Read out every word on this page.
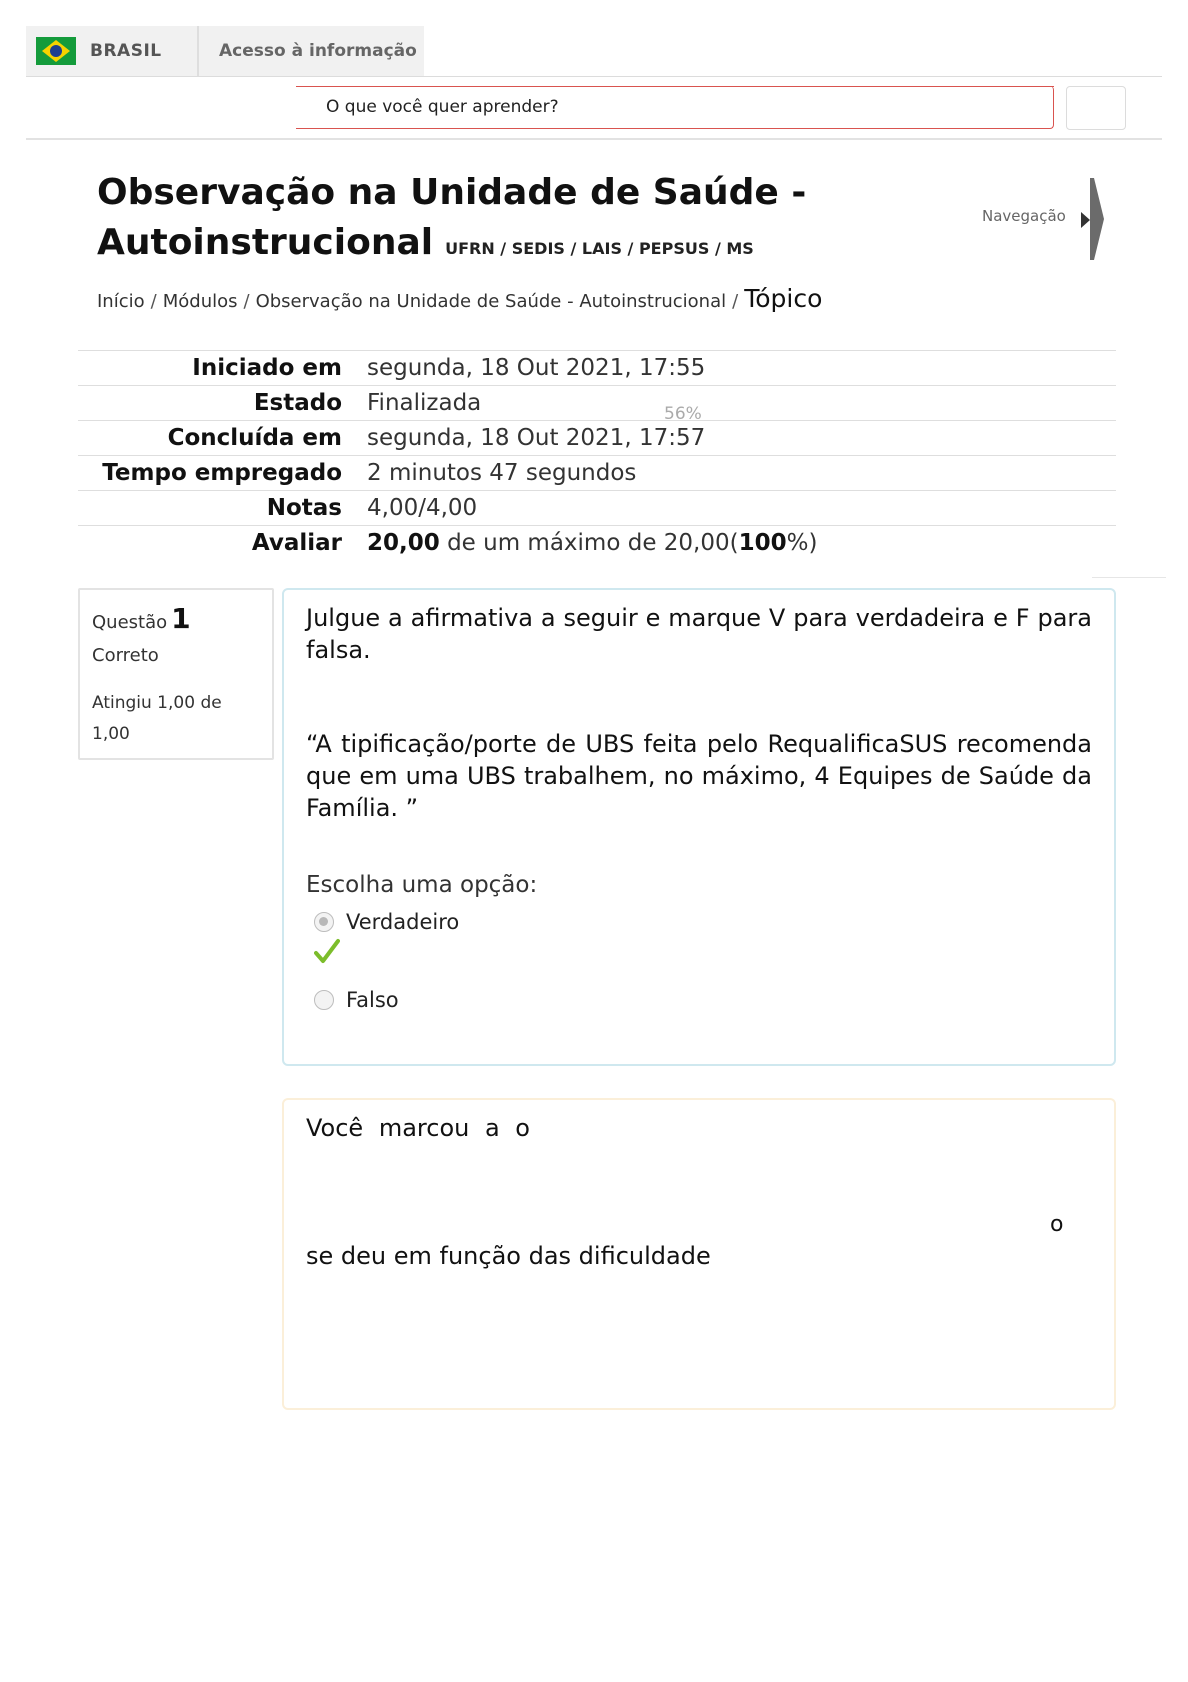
BRASIL	Acesso à informação
O que você quer aprender?
Observação na Unidade de Saúde - Autoinstrucional UFRN / SEDIS / LAIS / PEPSUS / MS
Navegação
Início / Módulos / Observação na Unidade de Saúde - Autoinstrucional / Tópico
Iniciado em	segunda, 18 Out 2021, 17:55
Estado	Finalizada
Concluída em	segunda, 18 Out 2021, 17:57
Tempo empregado	2 minutos 47 segundos
Notas	4,00/4,00
Avaliar	20,00 de um máximo de 20,00(100%)
56%
Questão 1
Correto
Atingiu 1,00 de 1,00

Julgue a afirmativa a seguir e marque V para verdadeira e F para falsa.

“A tipificação/porte de UBS feita pelo RequalificaSUS recomenda que em uma UBS trabalhem, no máximo, 4 Equipes de Saúde da Família. ”

Escolha uma opção:
Verdadeiro
Falso
Você marcou a o
o
se deu em função das dificuldade
